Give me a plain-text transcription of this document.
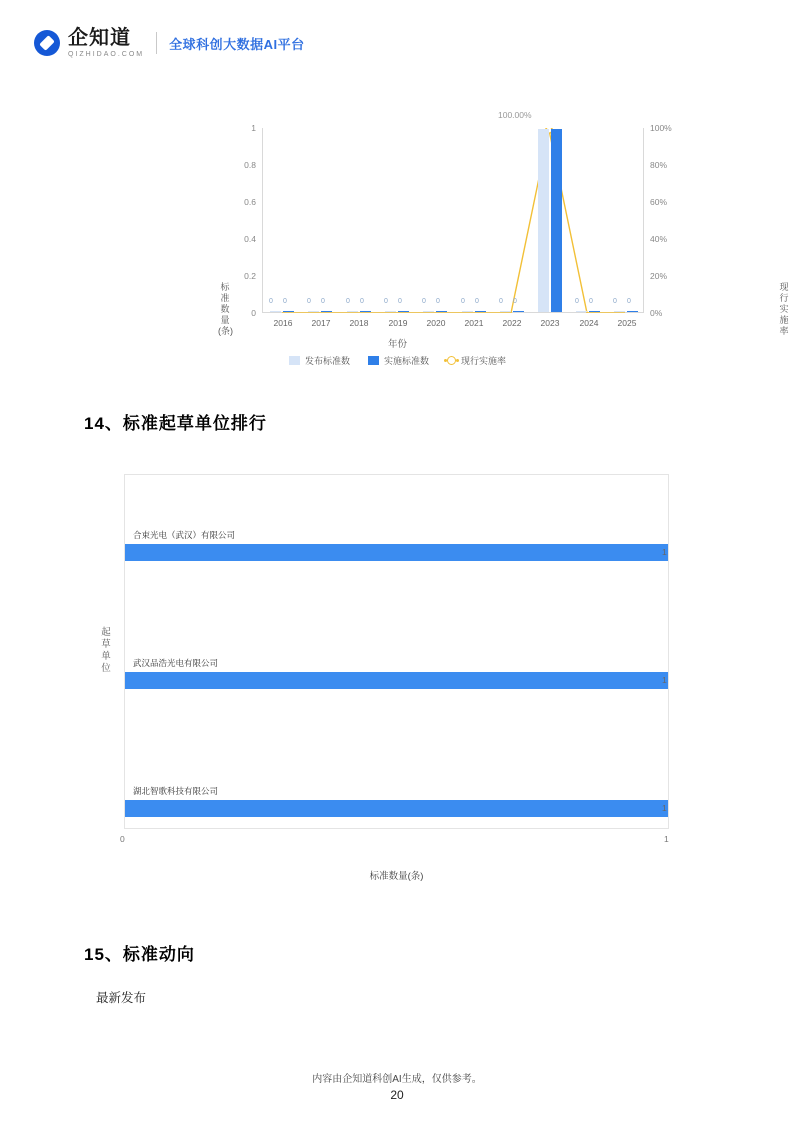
企知道
QIZHIDAO.COM
全球科创大数据AI平台
标准数量(条)
现行实施率
0
0.2
0.4
0.6
0.8
1
0%
20%
40%
60%
80%
100%
0 0	0 0	0 0	0 0	0 0	0 0	0 0	0 0	0 0
100.00%
2016	2017	2018	2019	2020	2021	2022	2023	2024	2025
年份
发布标准数	实施标准数	现行实施率
14、标准起草单位排行
起草单位
合束光电（武汉）有限公司
1
武汉品浩光电有限公司
1
湖北智歌科技有限公司
1
0	1
标准数量(条)
15、标准动向
最新发布
内容由企知道科创AI生成，仅供参考。
20
